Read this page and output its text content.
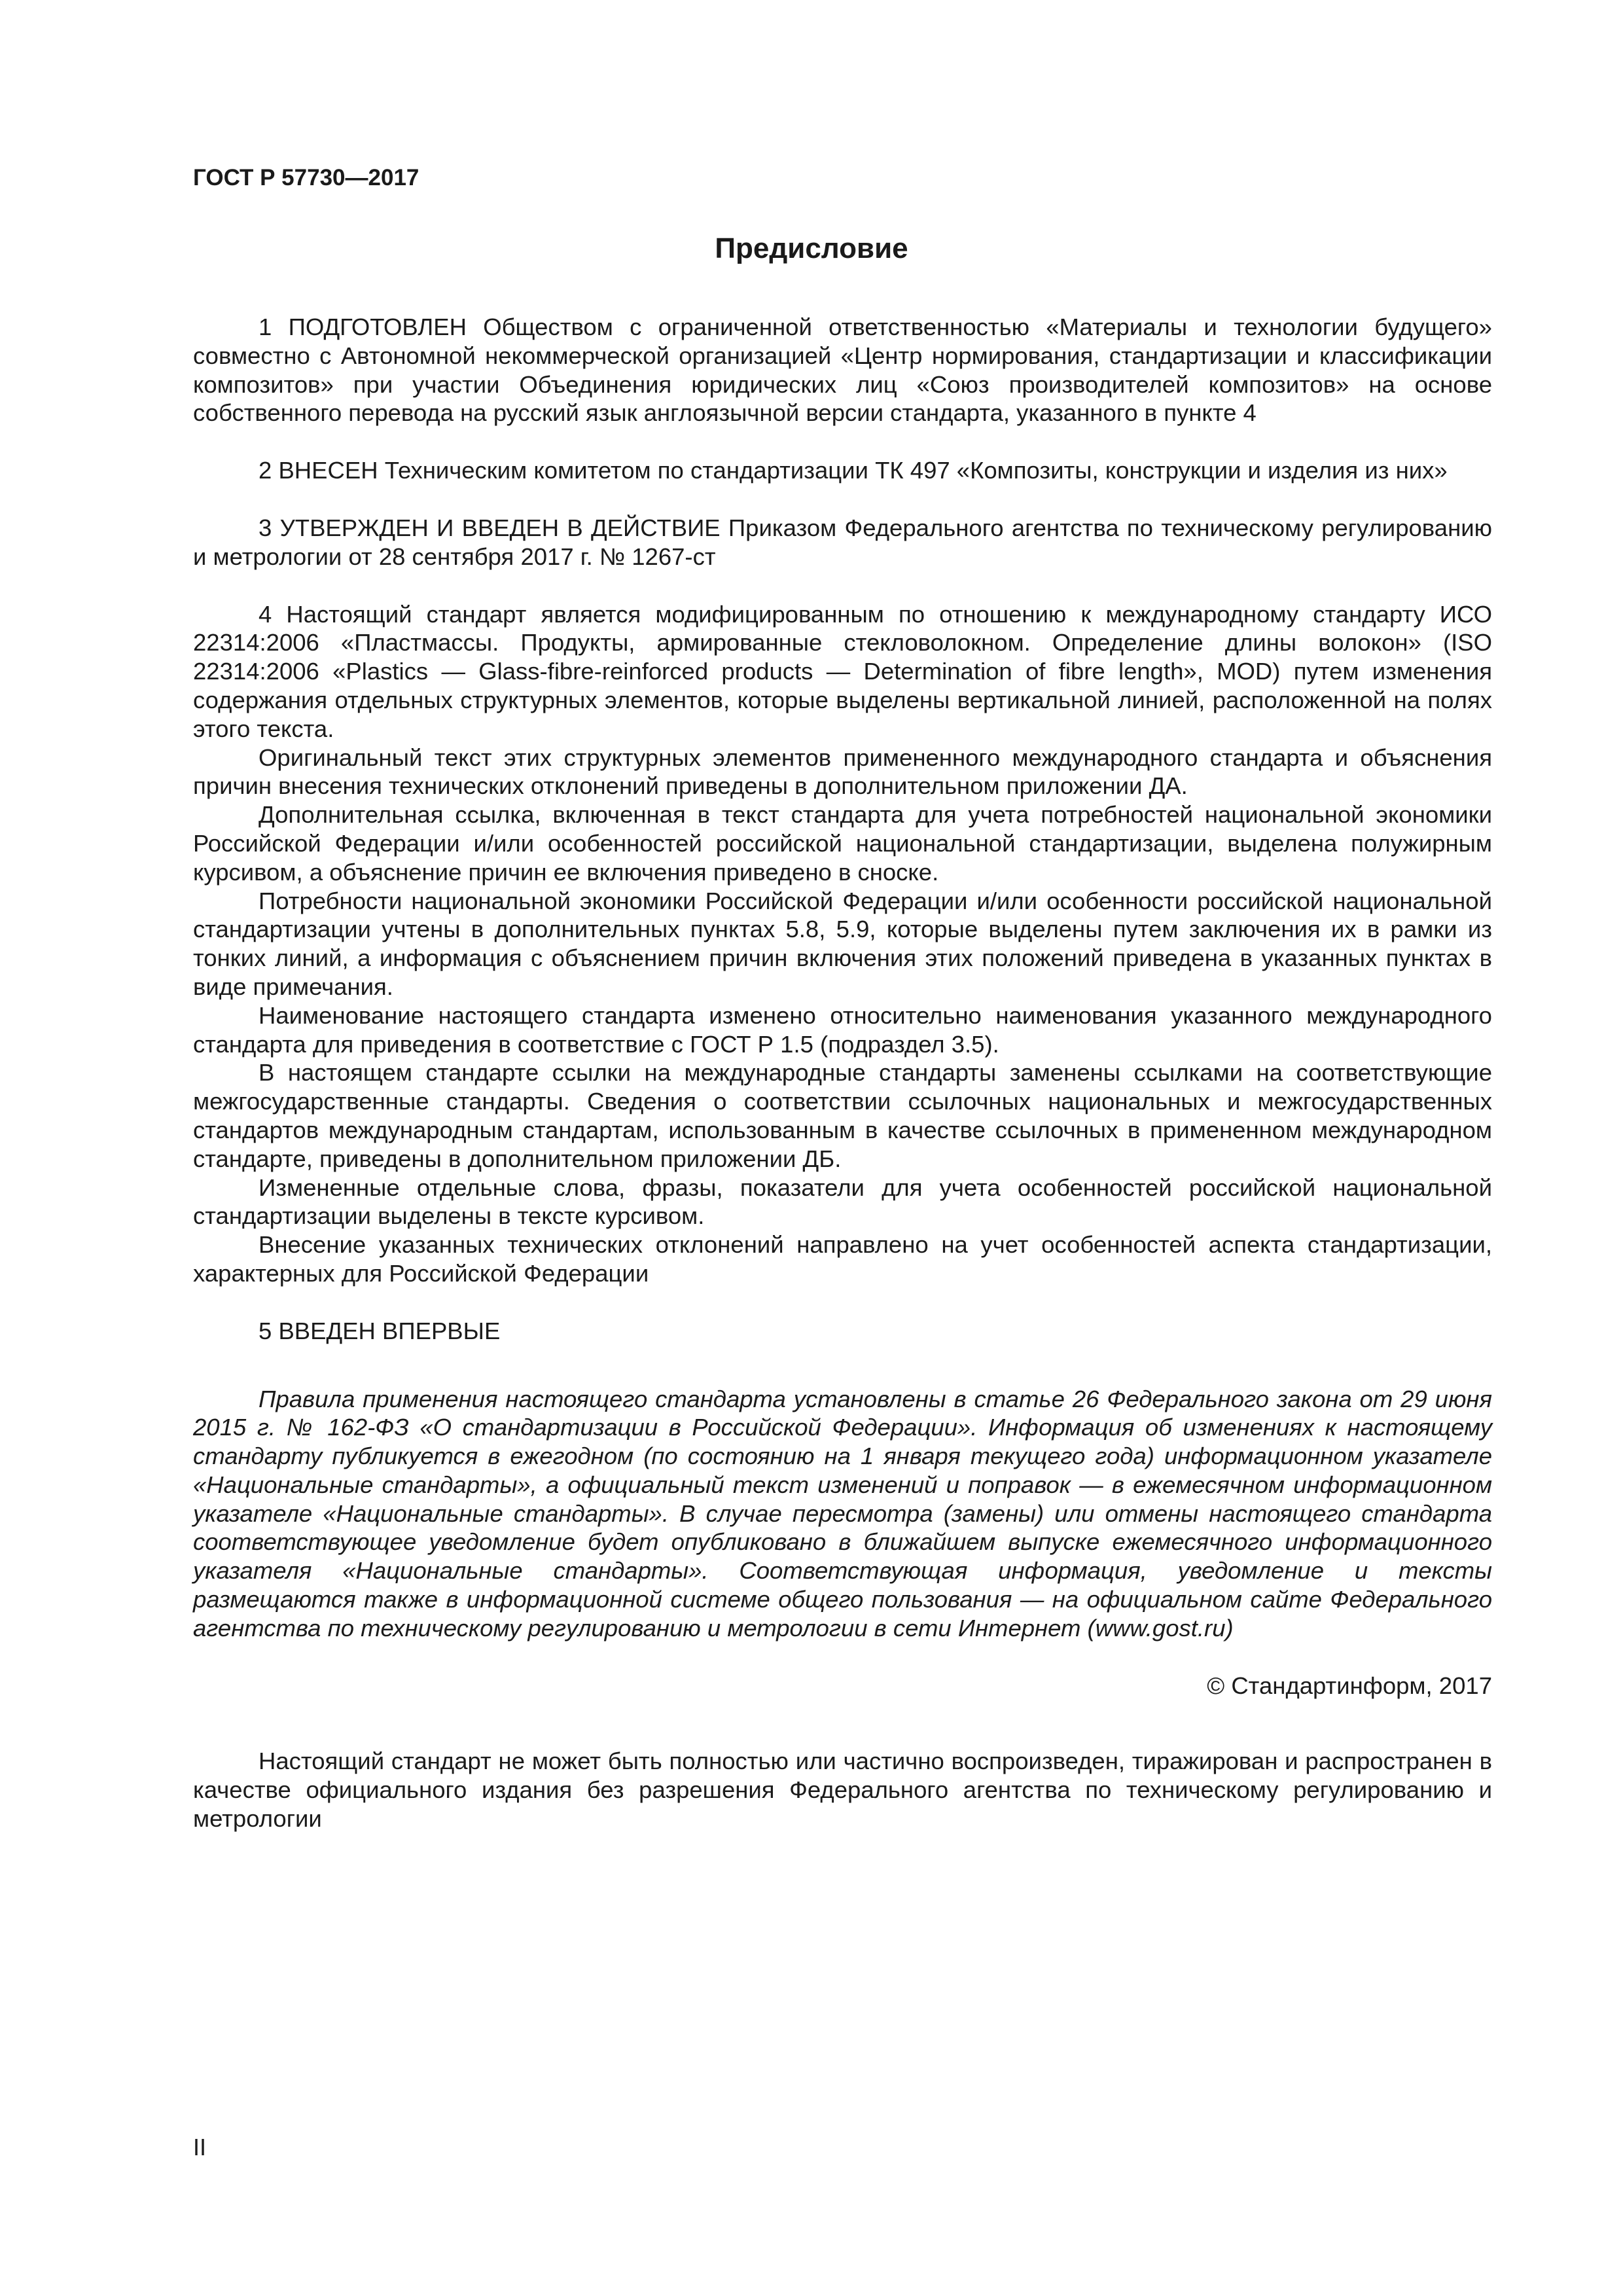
ГОСТ Р 57730—2017
Предисловие

1 ПОДГОТОВЛЕН Обществом с ограниченной ответственностью «Материалы и технологии будущего» совместно с Автономной некоммерческой организацией «Центр нормирования, стандартизации и классификации композитов» при участии Объединения юридических лиц «Союз производителей композитов» на основе собственного перевода на русский язык англоязычной версии стандарта, указанного в пункте 4

2 ВНЕСЕН Техническим комитетом по стандартизации ТК 497 «Композиты, конструкции и изделия из них»

3 УТВЕРЖДЕН И ВВЕДЕН В ДЕЙСТВИЕ Приказом Федерального агентства по техническому регулированию и метрологии от 28 сентября 2017 г. № 1267-ст

4 Настоящий стандарт является модифицированным по отношению к международному стандарту ИСО 22314:2006 «Пластмассы. Продукты, армированные стекловолокном. Определение длины волокон» (ISO 22314:2006 «Plastics — Glass-fibre-reinforced products — Determination of fibre length», MOD) путем изменения содержания отдельных структурных элементов, которые выделены вертикальной линией, расположенной на полях этого текста.

Оригинальный текст этих структурных элементов примененного международного стандарта и объяснения причин внесения технических отклонений приведены в дополнительном приложении ДА.

Дополнительная ссылка, включенная в текст стандарта для учета потребностей национальной экономики Российской Федерации и/или особенностей российской национальной стандартизации, выделена полужирным курсивом, а объяснение причин ее включения приведено в сноске.

Потребности национальной экономики Российской Федерации и/или особенности российской национальной стандартизации учтены в дополнительных пунктах 5.8, 5.9, которые выделены путем заключения их в рамки из тонких линий, а информация с объяснением причин включения этих положений приведена в указанных пунктах в виде примечания.

Наименование настоящего стандарта изменено относительно наименования указанного международного стандарта для приведения в соответствие с ГОСТ Р 1.5 (подраздел 3.5).

В настоящем стандарте ссылки на международные стандарты заменены ссылками на соответствующие межгосударственные стандарты. Сведения о соответствии ссылочных национальных и межгосударственных стандартов международным стандартам, использованным в качестве ссылочных в примененном международном стандарте, приведены в дополнительном приложении ДБ.

Измененные отдельные слова, фразы, показатели для учета особенностей российской национальной стандартизации выделены в тексте курсивом.

Внесение указанных технических отклонений направлено на учет особенностей аспекта стандартизации, характерных для Российской Федерации

5 ВВЕДЕН ВПЕРВЫЕ

Правила применения настоящего стандарта установлены в статье 26 Федерального закона от 29 июня 2015 г. № 162-ФЗ «О стандартизации в Российской Федерации». Информация об изменениях к настоящему стандарту публикуется в ежегодном (по состоянию на 1 января текущего года) информационном указателе «Национальные стандарты», а официальный текст изменений и поправок — в ежемесячном информационном указателе «Национальные стандарты». В случае пересмотра (замены) или отмены настоящего стандарта соответствующее уведомление будет опубликовано в ближайшем выпуске ежемесячного информационного указателя «Национальные стандарты». Соответствующая информация, уведомление и тексты размещаются также в информационной системе общего пользования — на официальном сайте Федерального агентства по техническому регулированию и метрологии в сети Интернет (www.gost.ru)

© Стандартинформ, 2017

Настоящий стандарт не может быть полностью или частично воспроизведен, тиражирован и распространен в качестве официального издания без разрешения Федерального агентства по техническому регулированию и метрологии

II
